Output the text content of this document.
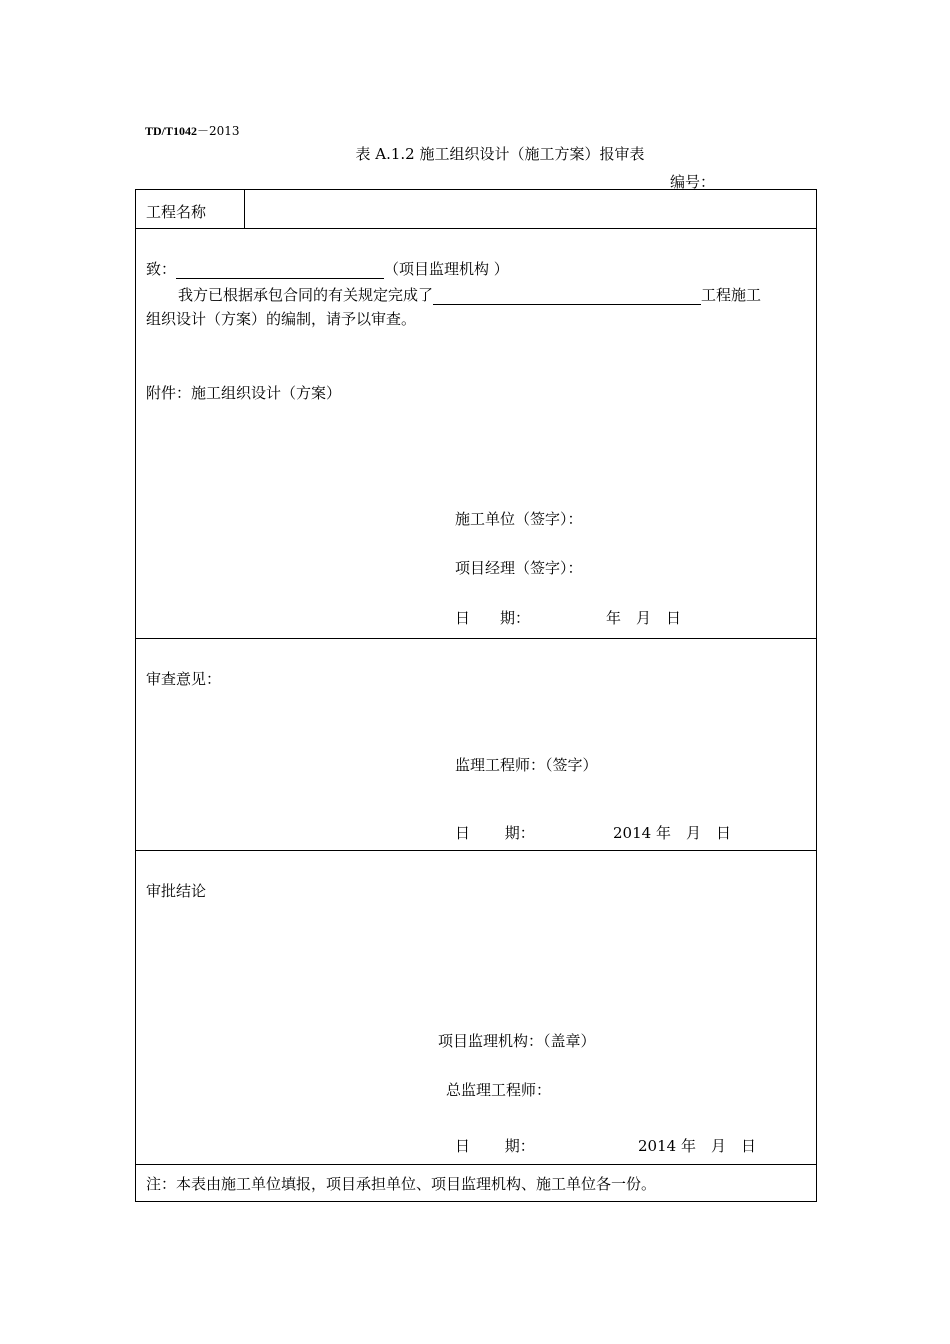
TD/T1042－2013
表 A.1.2 施工组织设计（施工方案）报审表
编号：
工程名称
致：	（项目监理机构 ）
我方已根据承包合同的有关规定完成了	工程施工
组织设计（方案）的编制，请予以审查。
附件：施工组织设计（方案）
施工单位（签字）：
项目经理（签字）：
日　　期：	年　月　日
审查意见：
监理工程师：（签字）
日　　 期：	2014 年　月　日
审批结论
项目监理机构：（盖章）
总监理工程师：
日　　 期：	2014 年　月　日
注：本表由施工单位填报，项目承担单位、项目监理机构、施工单位各一份。
